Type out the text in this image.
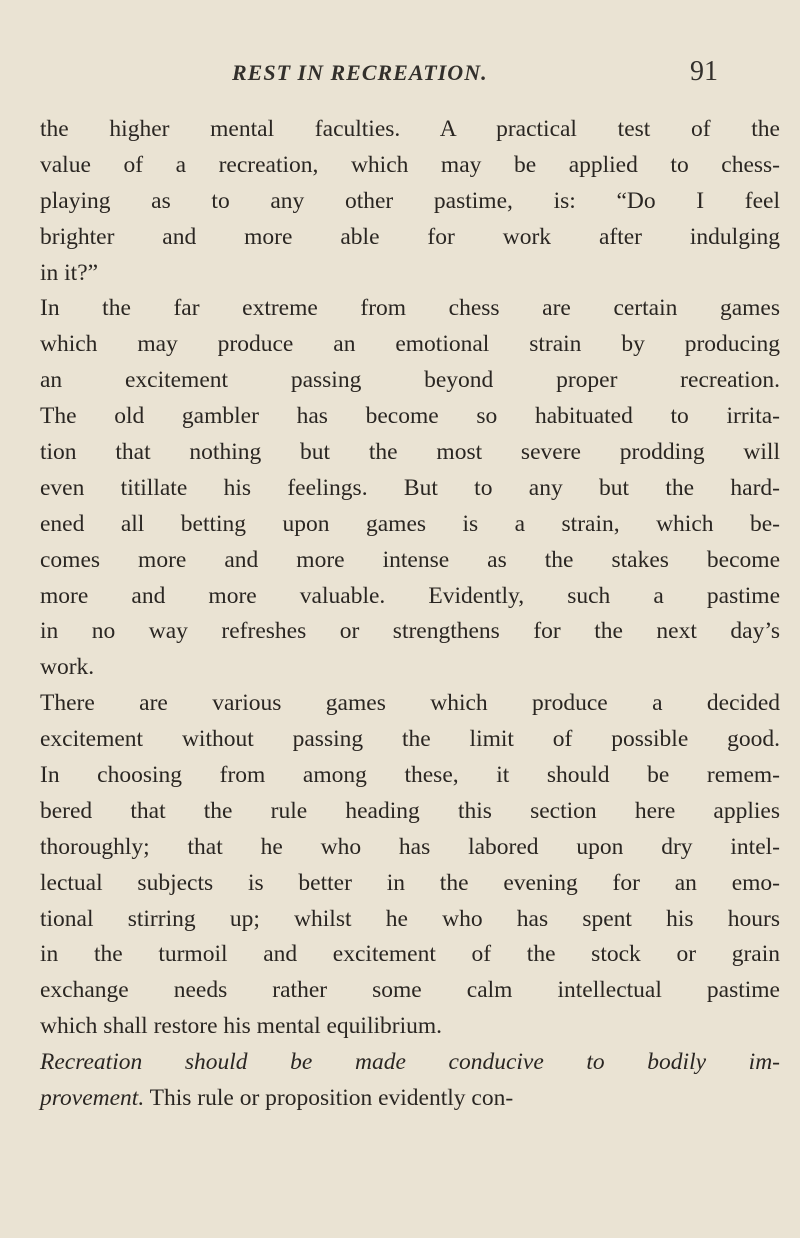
REST IN RECREATION.	91
the higher mental faculties. A practical test of the
value of a recreation, which may be applied to chess-
playing as to any other pastime, is: “Do I feel
brighter and more able for work after indulging
in it?”
In the far extreme from chess are certain games
which may produce an emotional strain by producing
an excitement passing beyond proper recreation.
The old gambler has become so habituated to irrita-
tion that nothing but the most severe prodding will
even titillate his feelings. But to any but the hard-
ened all betting upon games is a strain, which be-
comes more and more intense as the stakes become
more and more valuable. Evidently, such a pastime
in no way refreshes or strengthens for the next day’s
work.
There are various games which produce a decided
excitement without passing the limit of possible good.
In choosing from among these, it should be remem-
bered that the rule heading this section here applies
thoroughly; that he who has labored upon dry intel-
lectual subjects is better in the evening for an emo-
tional stirring up; whilst he who has spent his hours
in the turmoil and excitement of the stock or grain
exchange needs rather some calm intellectual pastime
which shall restore his mental equilibrium.
Recreation should be made conducive to bodily im-
provement. This rule or proposition evidently con-
